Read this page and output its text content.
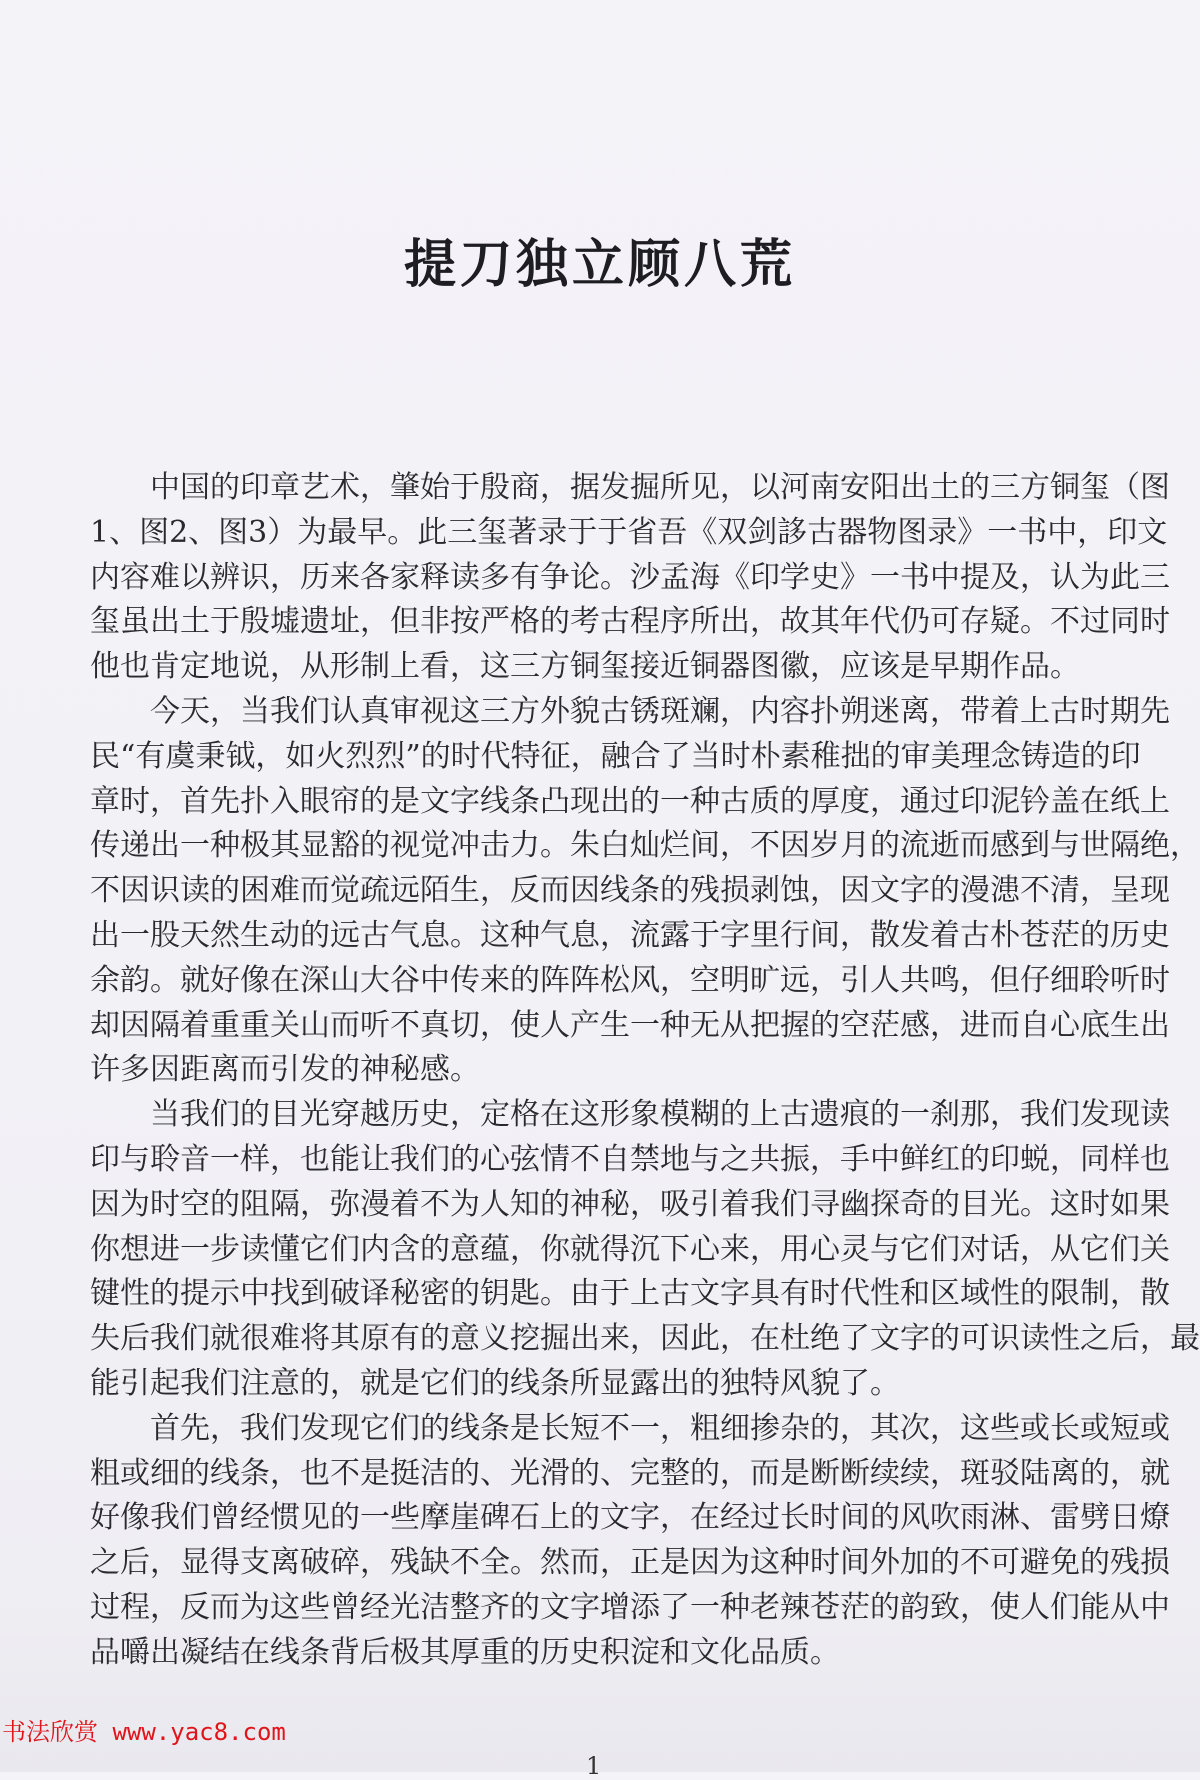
提刀独立顾八荒
中国的印章艺术，肇始于殷商，据发掘所见，以河南安阳出土的三方铜玺（图
1、图2、图3）为最早。此三玺著录于于省吾《双剑誃古器物图录》一书中，印文
内容难以辨识，历来各家释读多有争论。沙孟海《印学史》一书中提及，认为此三
玺虽出土于殷墟遗址，但非按严格的考古程序所出，故其年代仍可存疑。不过同时
他也肯定地说，从形制上看，这三方铜玺接近铜器图徽，应该是早期作品。
今天，当我们认真审视这三方外貌古锈斑斓，内容扑朔迷离，带着上古时期先
民“有虞秉钺，如火烈烈”的时代特征，融合了当时朴素稚拙的审美理念铸造的印
章时，首先扑入眼帘的是文字线条凸现出的一种古质的厚度，通过印泥钤盖在纸上
传递出一种极其显豁的视觉冲击力。朱白灿烂间，不因岁月的流逝而感到与世隔绝，
不因识读的困难而觉疏远陌生，反而因线条的残损剥蚀，因文字的漫漶不清，呈现
出一股天然生动的远古气息。这种气息，流露于字里行间，散发着古朴苍茫的历史
余韵。就好像在深山大谷中传来的阵阵松风，空明旷远，引人共鸣，但仔细聆听时
却因隔着重重关山而听不真切，使人产生一种无从把握的空茫感，进而自心底生出
许多因距离而引发的神秘感。
当我们的目光穿越历史，定格在这形象模糊的上古遗痕的一刹那，我们发现读
印与聆音一样，也能让我们的心弦情不自禁地与之共振，手中鲜红的印蜕，同样也
因为时空的阻隔，弥漫着不为人知的神秘，吸引着我们寻幽探奇的目光。这时如果
你想进一步读懂它们内含的意蕴，你就得沉下心来，用心灵与它们对话，从它们关
键性的提示中找到破译秘密的钥匙。由于上古文字具有时代性和区域性的限制，散
失后我们就很难将其原有的意义挖掘出来，因此，在杜绝了文字的可识读性之后，最
能引起我们注意的，就是它们的线条所显露出的独特风貌了。
首先，我们发现它们的线条是长短不一，粗细掺杂的，其次，这些或长或短或
粗或细的线条，也不是挺洁的、光滑的、完整的，而是断断续续，斑驳陆离的，就
好像我们曾经惯见的一些摩崖碑石上的文字，在经过长时间的风吹雨淋、雷劈日燎
之后，显得支离破碎，残缺不全。然而，正是因为这种时间外加的不可避免的残损
过程，反而为这些曾经光洁整齐的文字增添了一种老辣苍茫的韵致，使人们能从中
品嚼出凝结在线条背后极其厚重的历史积淀和文化品质。
书法欣赏 www.yac8.com
1
